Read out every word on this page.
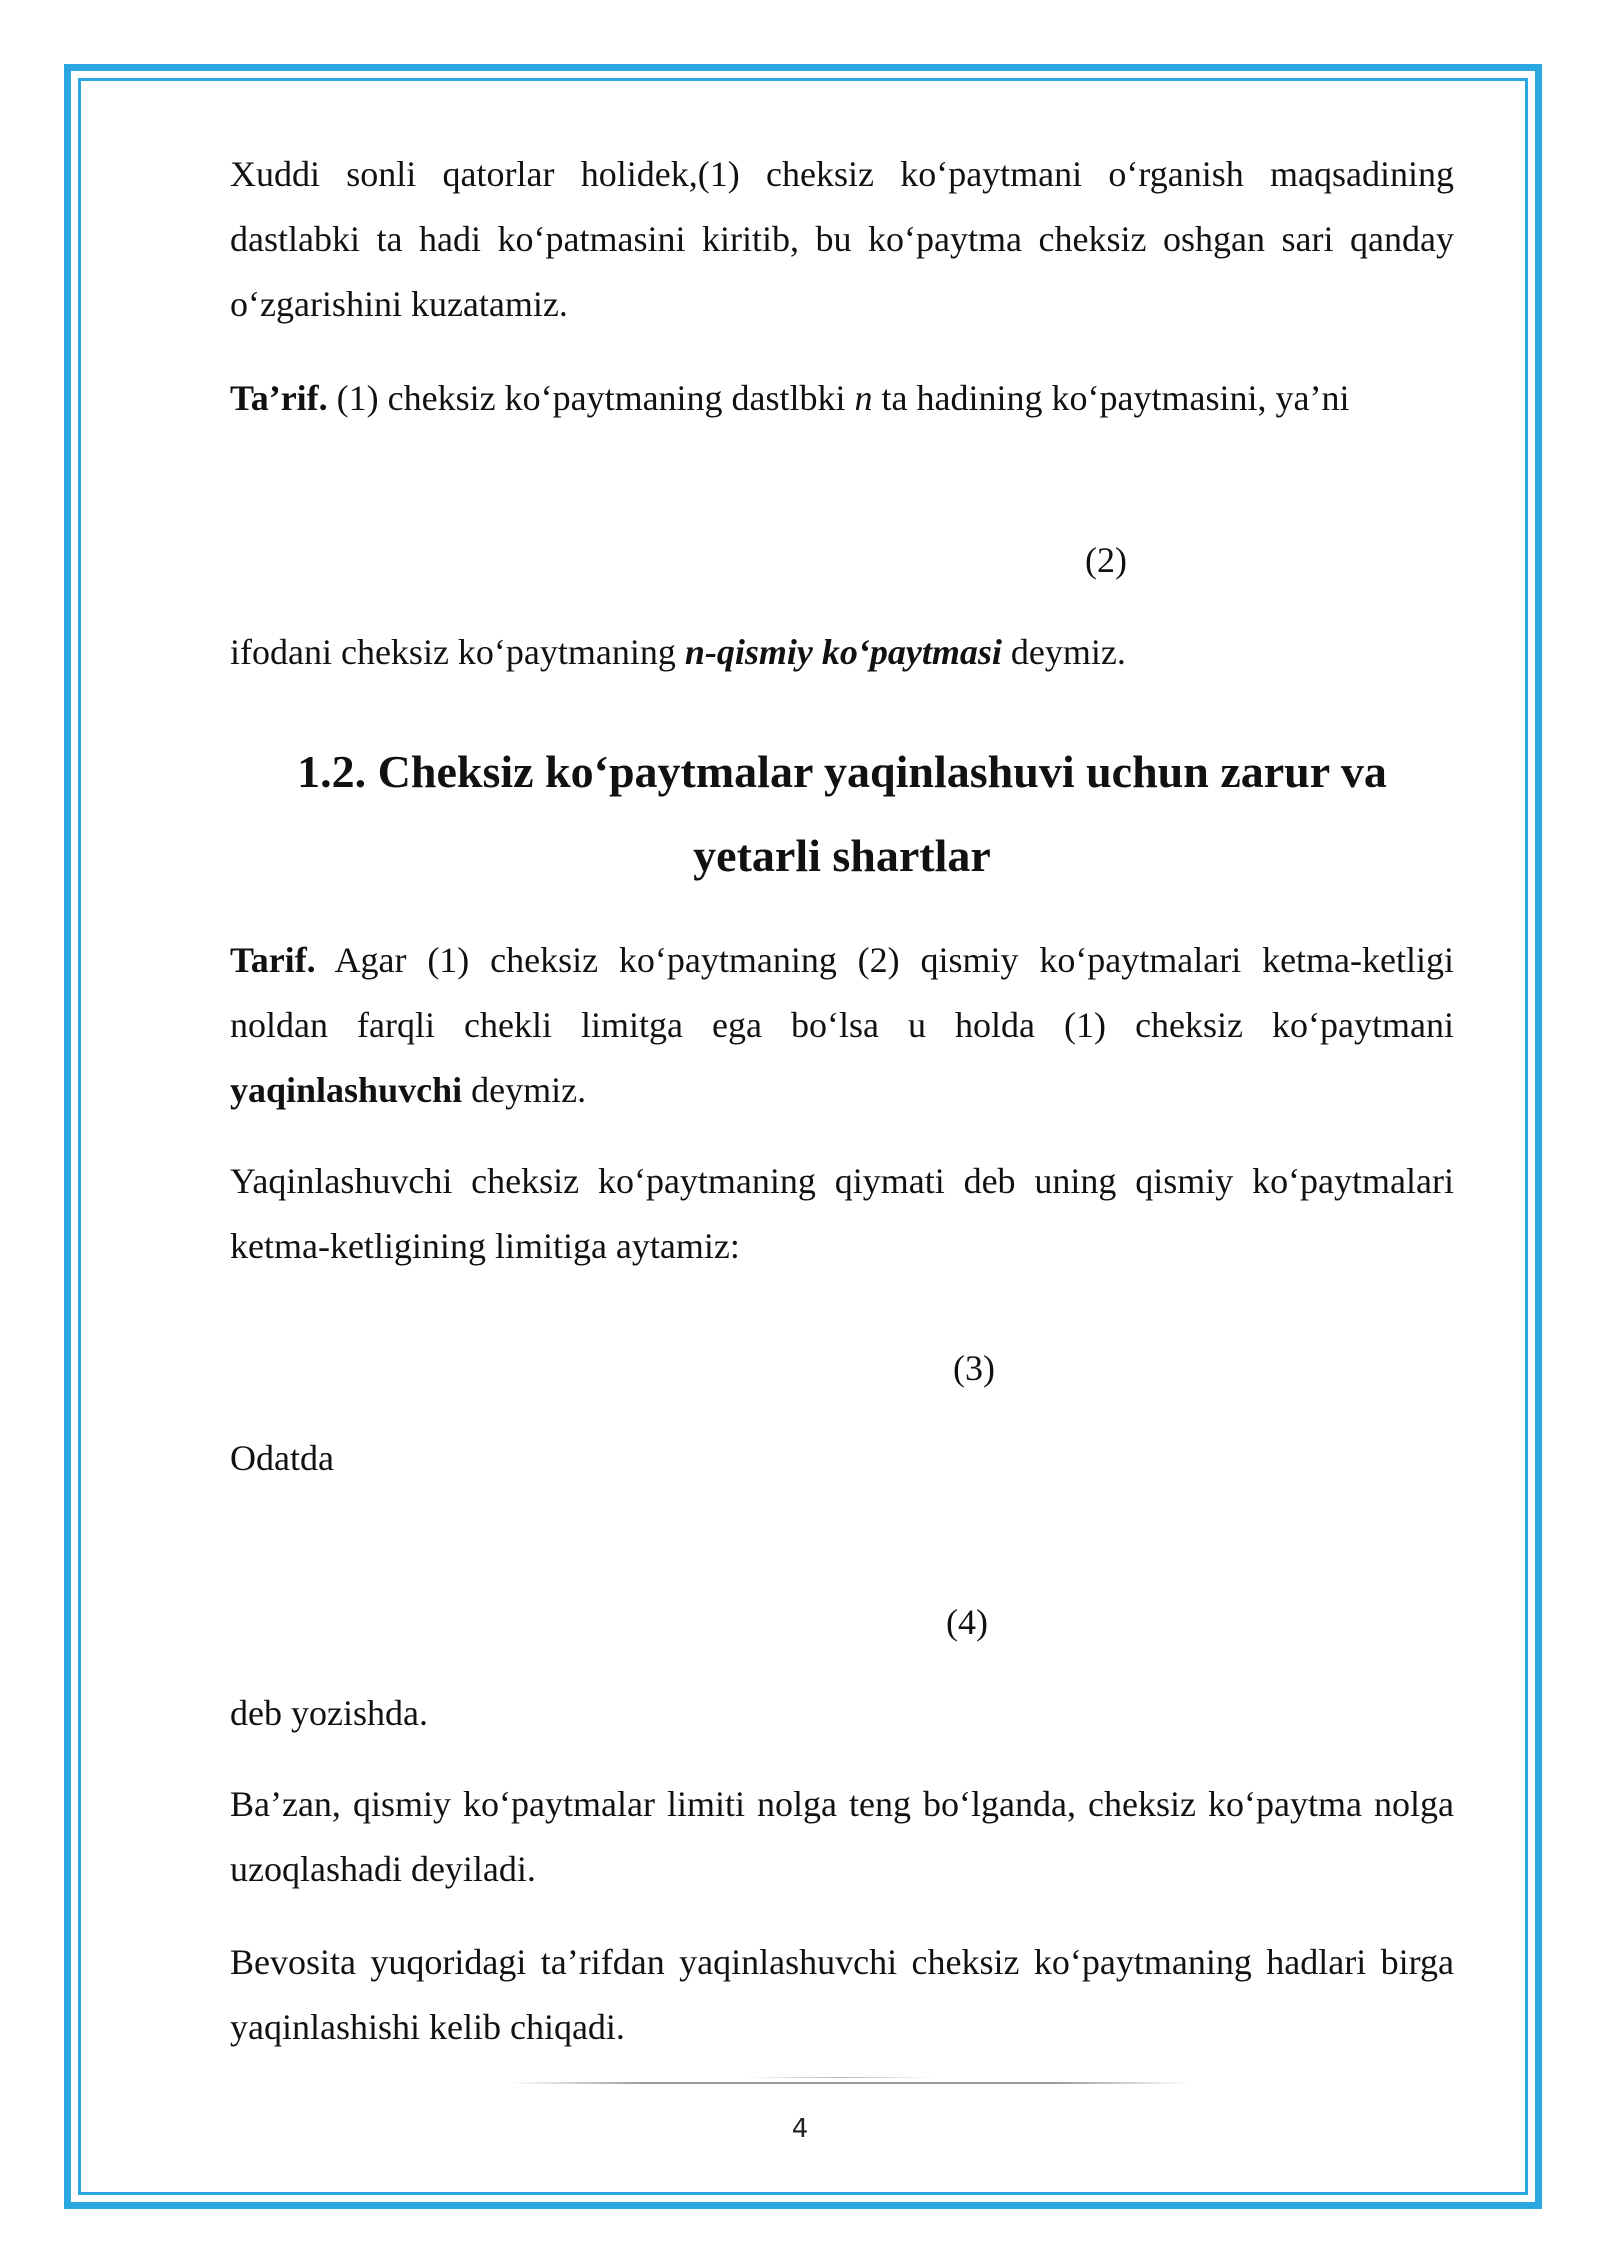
Xuddi sonli qatorlar holidek,(1) cheksiz ko‘paytmani o‘rganish maqsadining dastlabki ta hadi ko‘patmasini kiritib, bu ko‘paytma cheksiz oshgan sari qanday o‘zgarishini kuzatamiz.

Ta’rif. (1) cheksiz ko‘paytmaning dastlbki n ta hadining ko‘paytmasini, ya’ni

(2)

ifodani cheksiz ko‘paytmaning n-qismiy ko‘paytmasi deymiz.

1.2. Cheksiz ko‘paytmalar yaqinlashuvi uchun zarur va
yetarli shartlar

Tarif. Agar (1) cheksiz ko‘paytmaning (2) qismiy ko‘paytmalari ketma-ketligi noldan farqli chekli limitga ega bo‘lsa u holda (1) cheksiz ko‘paytmani yaqinlashuvchi deymiz.

Yaqinlashuvchi cheksiz ko‘paytmaning qiymati deb uning qismiy ko‘paytmalari ketma-ketligining limitiga aytamiz:

(3)

Odatda

(4)

deb yozishda.

Ba’zan, qismiy ko‘paytmalar limiti nolga teng bo‘lganda, cheksiz ko‘paytma nolga uzoqlashadi deyiladi.

Bevosita yuqoridagi ta’rifdan yaqinlashuvchi cheksiz ko‘paytmaning hadlari birga yaqinlashishi kelib chiqadi.

4
